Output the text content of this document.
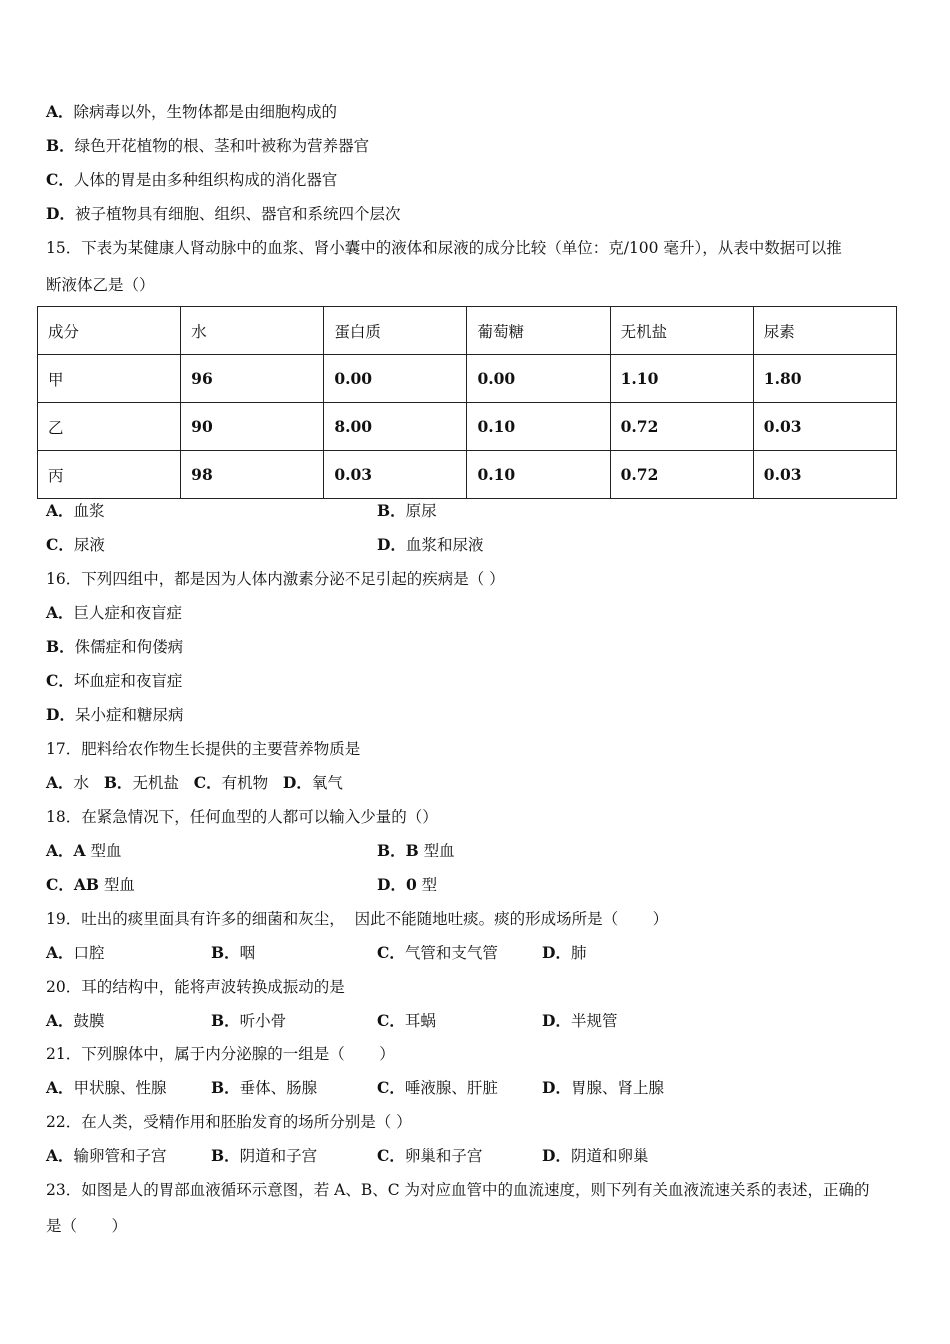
A．除病毒以外，生物体都是由细胞构成的
B．绿色开花植物的根、茎和叶被称为营养器官
C．人体的胃是由多种组织构成的消化器官
D．被子植物具有细胞、组织、器官和系统四个层次
15．下表为某健康人肾动脉中的血浆、肾小囊中的液体和尿液的成分比较（单位：克/100 毫升），从表中数据可以推
断液体乙是（）
成分	水	蛋白质	葡萄糖	无机盐	尿素
甲	96	0.00	0.00	1.10	1.80
乙	90	8.00	0.10	0.72	0.03
丙	98	0.03	0.10	0.72	0.03
A．血浆	B．原尿
C．尿液	D．血浆和尿液
16．下列四组中，都是因为人体内激素分泌不足引起的疾病是（ ）
A．巨人症和夜盲症
B．侏儒症和佝偻病
C．坏血症和夜盲症
D．呆小症和糖尿病
17．肥料给农作物生长提供的主要营养物质是
A．水 B．无机盐 C．有机物 D．氧气
18．在紧急情况下，任何血型的人都可以输入少量的（）
A．A 型血	B．B 型血
C．AB 型血	D．0 型
19．吐出的痰里面具有许多的细菌和灰尘，  因此不能随地吐痰。痰的形成场所是（       ）
A．口腔	B．咽	C．气管和支气管	D．肺
20．耳的结构中，能将声波转换成振动的是
A．鼓膜	B．听小骨	C．耳蜗	D．半规管
21．下列腺体中，属于内分泌腺的一组是（       ）
A．甲状腺、性腺	B．垂体、肠腺	C．唾液腺、肝脏	D．胃腺、肾上腺
22．在人类，受精作用和胚胎发育的场所分别是（ ）
A．输卵管和子宫	B．阴道和子宫	C．卵巢和子宫	D．阴道和卵巢
23．如图是人的胃部血液循环示意图，若 A、B、C 为对应血管中的血流速度，则下列有关血液流速关系的表述，正确的
是（       ）
